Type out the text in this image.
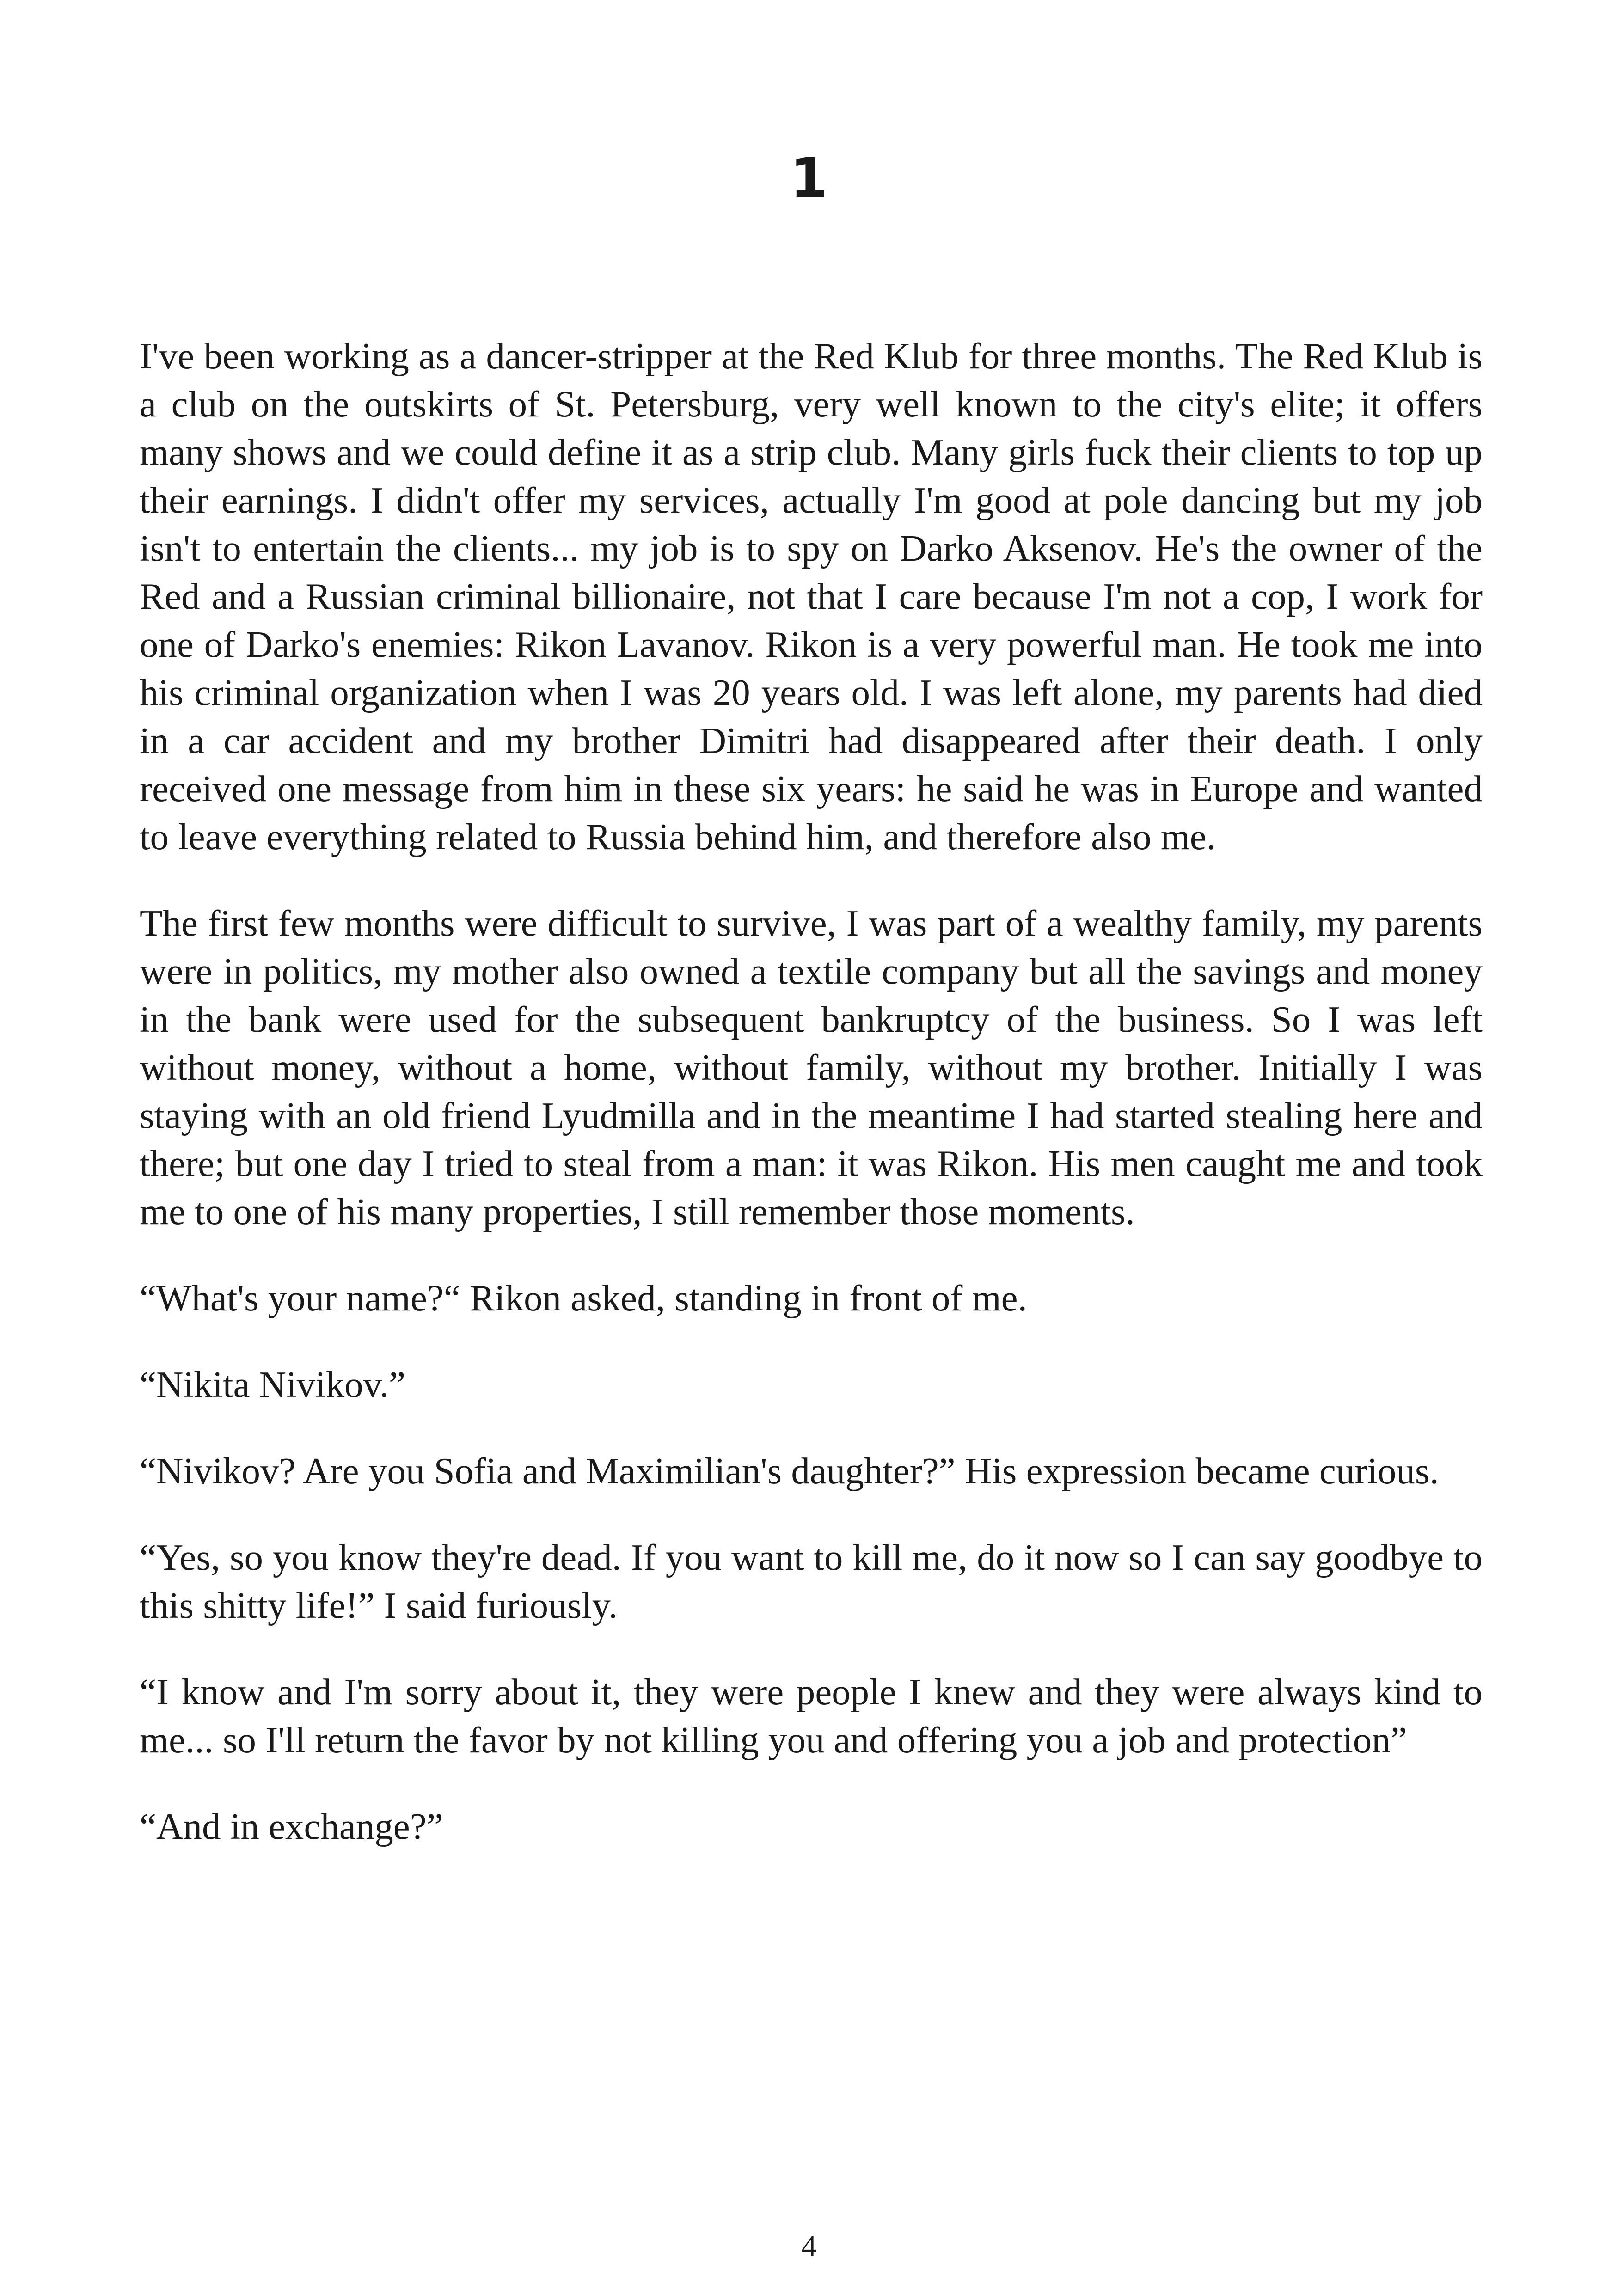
1

I've been working as a dancer-stripper at the Red Klub for three months. The Red Klub is a club on the outskirts of St. Petersburg, very well known to the city's elite; it offers many shows and we could define it as a strip club. Many girls fuck their clients to top up their earnings. I didn't offer my services, actually I'm good at pole dancing but my job isn't to entertain the clients... my job is to spy on Darko Aksenov. He's the owner of the Red and a Russian criminal billionaire, not that I care because I'm not a cop, I work for one of Darko's enemies: Rikon Lavanov. Rikon is a very powerful man. He took me into his criminal organization when I was 20 years old. I was left alone, my parents had died in a car accident and my brother Dimitri had disappeared after their death. I only received one message from him in these six years: he said he was in Europe and wanted to leave everything related to Russia behind him, and therefore also me.

The first few months were difficult to survive, I was part of a wealthy family, my parents were in politics, my mother also owned a textile company but all the savings and money in the bank were used for the subsequent bankruptcy of the business. So I was left without money, without a home, without family, without my brother. Initially I was staying with an old friend Lyudmilla and in the meantime I had started stealing here and there; but one day I tried to steal from a man: it was Rikon. His men caught me and took me to one of his many properties, I still remember those moments.

“What's your name?“ Rikon asked, standing in front of me.

“Nikita Nivikov.”

“Nivikov? Are you Sofia and Maximilian's daughter?” His expression became curious.

“Yes, so you know they're dead. If you want to kill me, do it now so I can say goodbye to this shitty life!” I said furiously.

“I know and I'm sorry about it, they were people I knew and they were always kind to me... so I'll return the favor by not killing you and offering you a job and protection”

“And in exchange?”

4
